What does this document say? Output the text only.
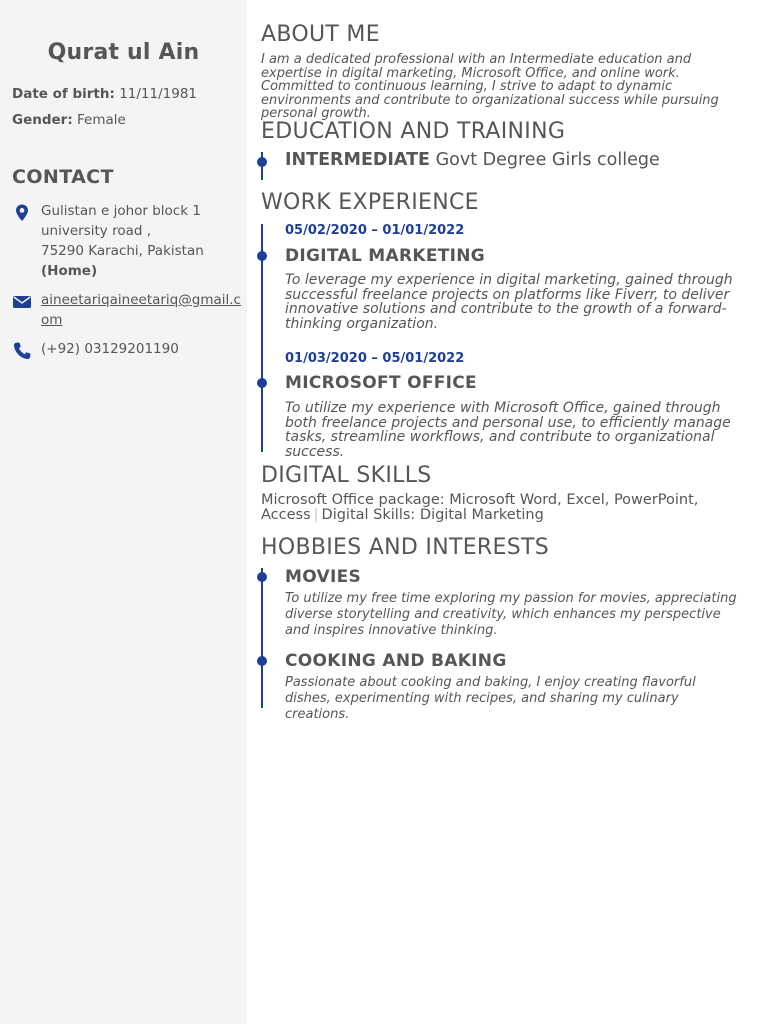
Qurat ul Ain
Date of birth: 11/11/1981
Gender: Female
CONTACT
Gulistan e johor block 1
university road ,
75290 Karachi, Pakistan
(Home)
aineetariqaineetariq@gmail.com
(+92) 03129201190
ABOUT ME
I am a dedicated professional with an Intermediate education and expertise in digital marketing, Microsoft Office, and online work. Committed to continuous learning, I strive to adapt to dynamic environments and contribute to organizational success while pursuing personal growth.
EDUCATION AND TRAINING
INTERMEDIATE Govt Degree Girls college
WORK EXPERIENCE
05/02/2020 – 01/01/2022
DIGITAL MARKETING
To leverage my experience in digital marketing, gained through successful freelance projects on platforms like Fiverr, to deliver innovative solutions and contribute to the growth of a forward-thinking organization.
01/03/2020 – 05/01/2022
MICROSOFT OFFICE
To utilize my experience with Microsoft Office, gained through both freelance projects and personal use, to efficiently manage tasks, streamline workflows, and contribute to organizational success.
DIGITAL SKILLS
Microsoft Office package: Microsoft Word, Excel, PowerPoint, Access | Digital Skills: Digital Marketing
HOBBIES AND INTERESTS
MOVIES
To utilize my free time exploring my passion for movies, appreciating diverse storytelling and creativity, which enhances my perspective and inspires innovative thinking.
COOKING AND BAKING
Passionate about cooking and baking, I enjoy creating flavorful dishes, experimenting with recipes, and sharing my culinary creations.
